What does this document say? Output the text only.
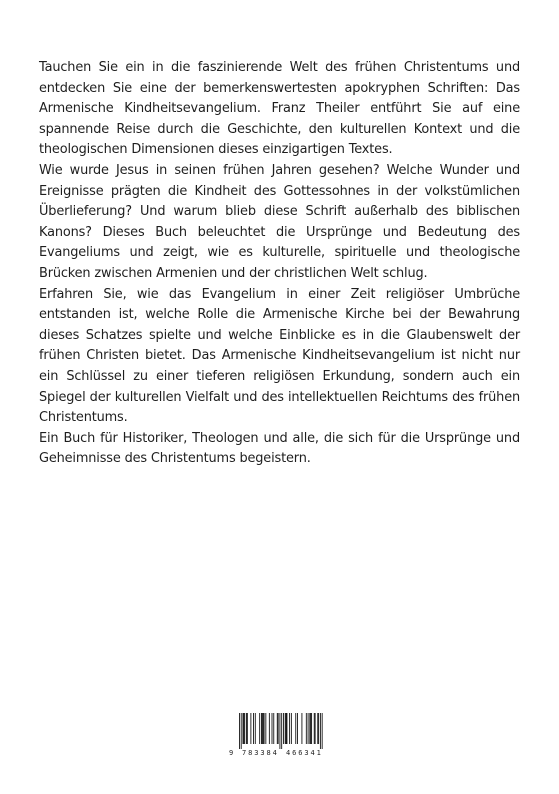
Tauchen Sie ein in die faszinierende Welt des frühen Christentums und entdecken Sie eine der bemerkenswertesten apokryphen Schriften: Das Armenische Kindheitsevangelium. Franz Theiler entführt Sie auf eine spannende Reise durch die Geschichte, den kulturellen Kontext und die theologischen Dimensionen dieses einzigartigen Textes.

Wie wurde Jesus in seinen frühen Jahren gesehen? Welche Wunder und Ereignisse prägten die Kindheit des Gottessohnes in der volkstümlichen Überlieferung? Und warum blieb diese Schrift außerhalb des biblischen Kanons? Dieses Buch beleuchtet die Ursprünge und Bedeutung des Evangeliums und zeigt, wie es kulturelle, spirituelle und theologische Brücken zwischen Armenien und der christlichen Welt schlug.

Erfahren Sie, wie das Evangelium in einer Zeit religiöser Umbrüche entstanden ist, welche Rolle die Armenische Kirche bei der Bewahrung dieses Schatzes spielte und welche Einblicke es in die Glaubenswelt der frühen Christen bietet. Das Armenische Kindheitsevangelium ist nicht nur ein Schlüssel zu einer tieferen religiösen Erkundung, sondern auch ein Spiegel der kulturellen Vielfalt und des intellektuellen Reichtums des frühen Christentums.

Ein Buch für Historiker, Theologen und alle, die sich für die Ursprünge und Geheimnisse des Christentums begeistern.

9 783384 466341
